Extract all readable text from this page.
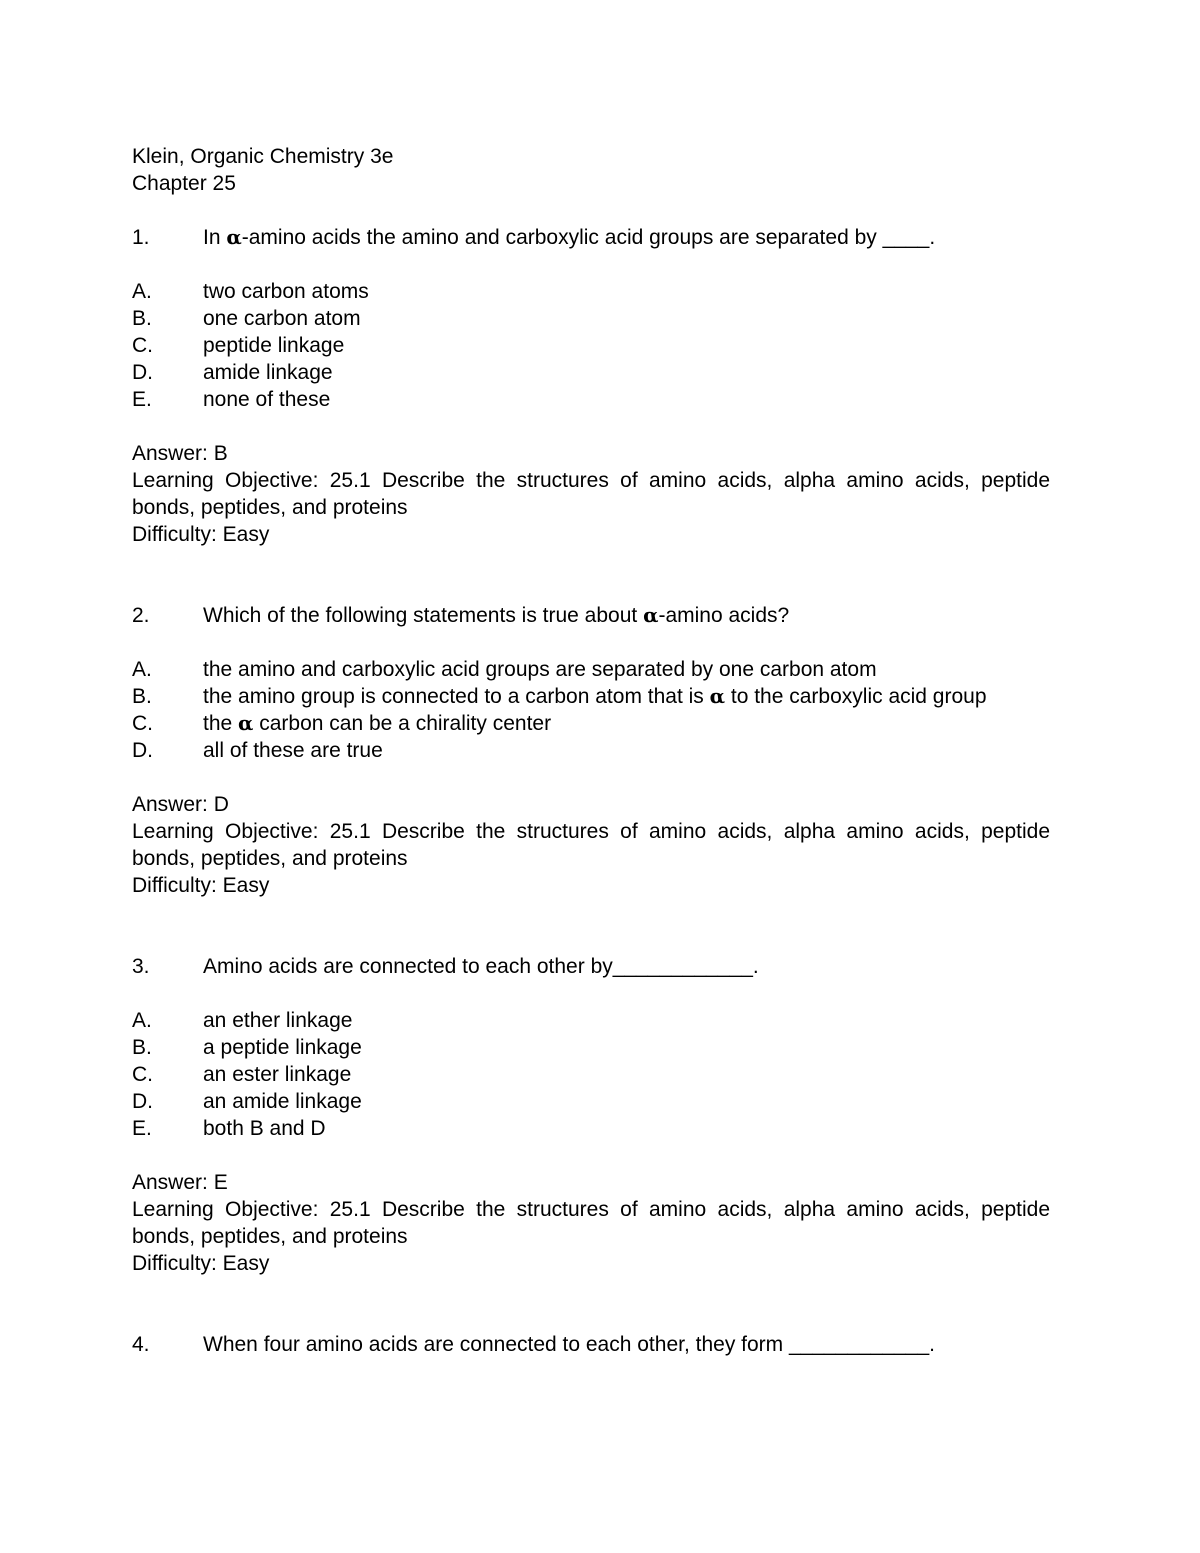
Klein, Organic Chemistry 3e
Chapter 25
1.	In α-amino acids the amino and carboxylic acid groups are separated by ____.
A.	two carbon atoms
B.	one carbon atom
C.	peptide linkage
D.	amide linkage
E.	none of these
Answer: B
Learning Objective: 25.1 Describe the structures of amino acids, alpha amino acids, peptide bonds, peptides, and proteins
Difficulty: Easy
2.	Which of the following statements is true about α-amino acids?
A.	the amino and carboxylic acid groups are separated by one carbon atom
B.	the amino group is connected to a carbon atom that is α to the carboxylic acid group
C.	the α carbon can be a chirality center
D.	all of these are true
Answer: D
Learning Objective: 25.1 Describe the structures of amino acids, alpha amino acids, peptide bonds, peptides, and proteins
Difficulty: Easy
3.	Amino acids are connected to each other by____________.
A.	an ether linkage
B.	a peptide linkage
C.	an ester linkage
D.	an amide linkage
E.	both B and D
Answer: E
Learning Objective: 25.1 Describe the structures of amino acids, alpha amino acids, peptide bonds, peptides, and proteins
Difficulty: Easy
4.	When four amino acids are connected to each other, they form ____________.
